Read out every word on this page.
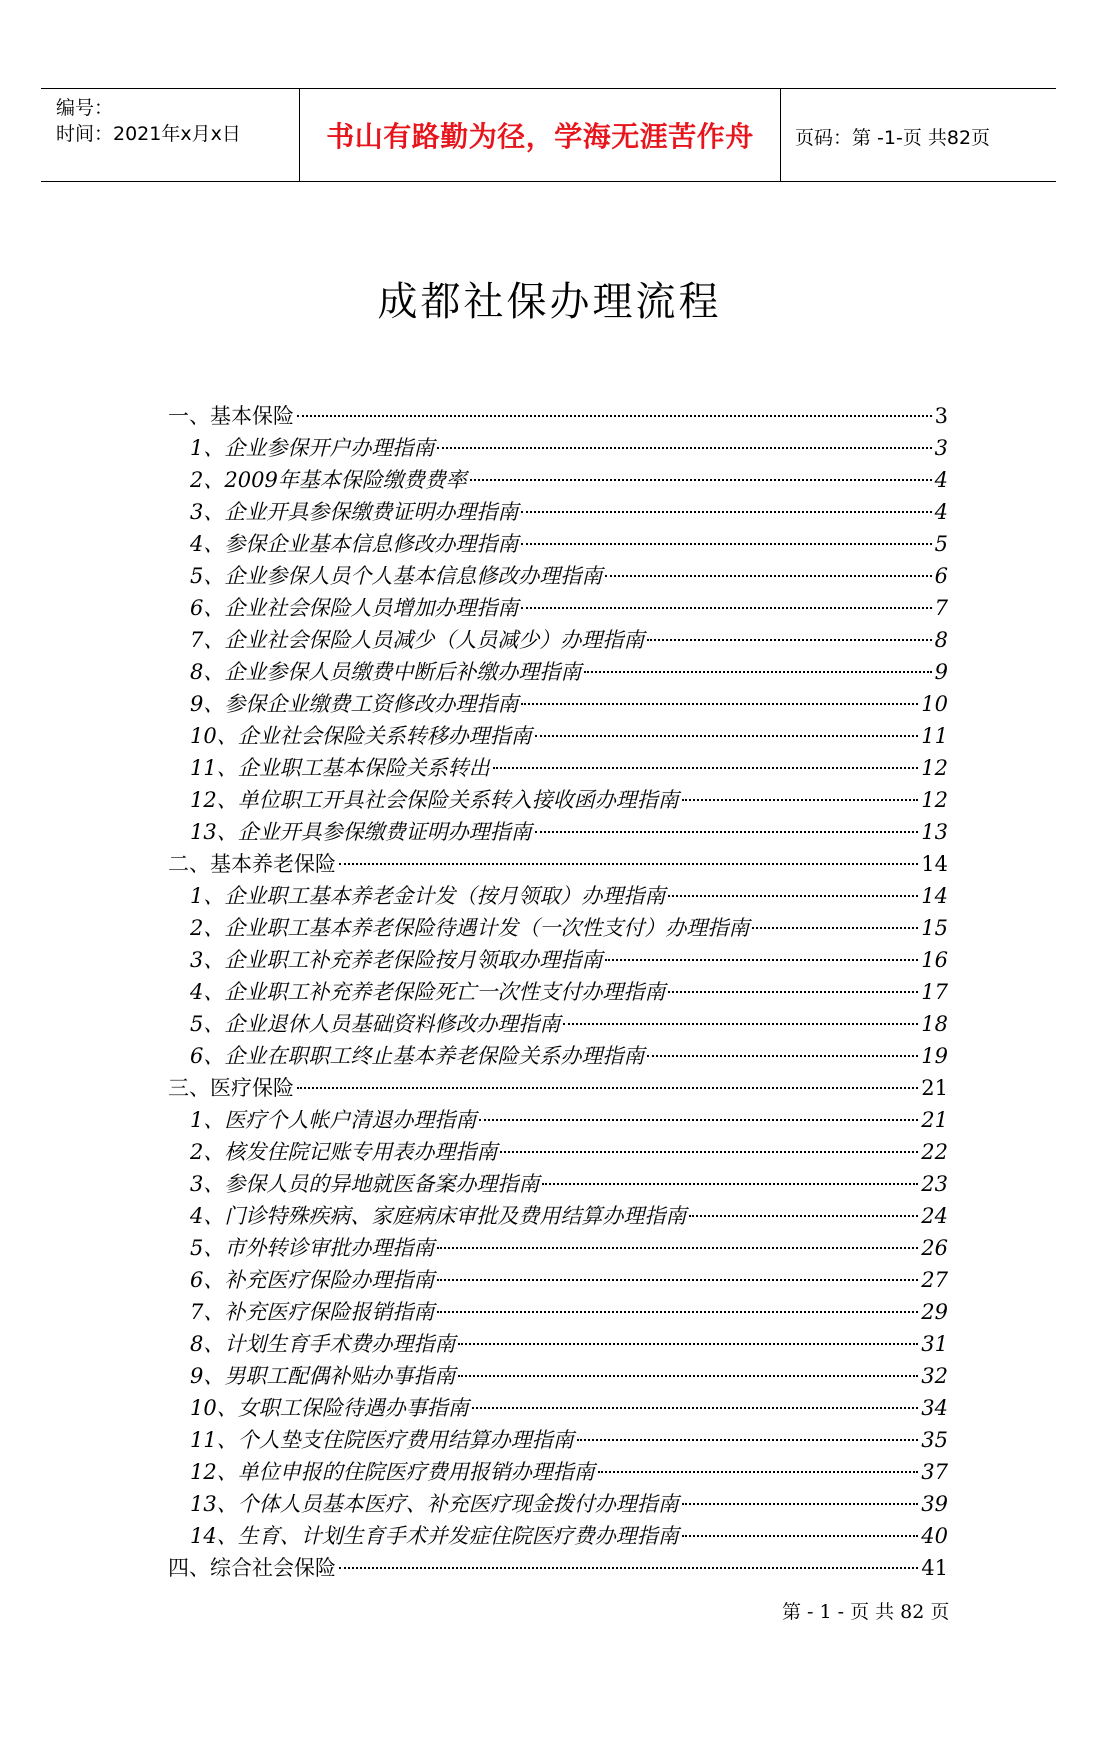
编号：
时间：2021年x月x日	书山有路勤为径，学海无涯苦作舟	页码：第 -1-页 共82页
成都社保办理流程
一、基本保险	3
1、企业参保开户办理指南	3
2、2009年基本保险缴费费率	4
3、企业开具参保缴费证明办理指南	4
4、参保企业基本信息修改办理指南	5
5、企业参保人员个人基本信息修改办理指南	6
6、企业社会保险人员增加办理指南	7
7、企业社会保险人员减少（人员减少）办理指南	8
8、企业参保人员缴费中断后补缴办理指南	9
9、参保企业缴费工资修改办理指南	10
10、企业社会保险关系转移办理指南	11
11、企业职工基本保险关系转出	12
12、单位职工开具社会保险关系转入接收函办理指南	12
13、企业开具参保缴费证明办理指南	13
二、基本养老保险	14
1、企业职工基本养老金计发（按月领取）办理指南	14
2、企业职工基本养老保险待遇计发（一次性支付）办理指南	15
3、企业职工补充养老保险按月领取办理指南	16
4、企业职工补充养老保险死亡一次性支付办理指南	17
5、企业退休人员基础资料修改办理指南	18
6、企业在职职工终止基本养老保险关系办理指南	19
三、医疗保险	21
1、医疗个人帐户清退办理指南	21
2、核发住院记账专用表办理指南	22
3、参保人员的异地就医备案办理指南	23
4、门诊特殊疾病、家庭病床审批及费用结算办理指南	24
5、市外转诊审批办理指南	26
6、补充医疗保险办理指南	27
7、补充医疗保险报销指南	29
8、计划生育手术费办理指南	31
9、男职工配偶补贴办事指南	32
10、女职工保险待遇办事指南	34
11、个人垫支住院医疗费用结算办理指南	35
12、单位申报的住院医疗费用报销办理指南	37
13、个体人员基本医疗、补充医疗现金拨付办理指南	39
14、生育、计划生育手术并发症住院医疗费办理指南	40
四、综合社会保险	41
第 - 1 - 页 共 82 页
